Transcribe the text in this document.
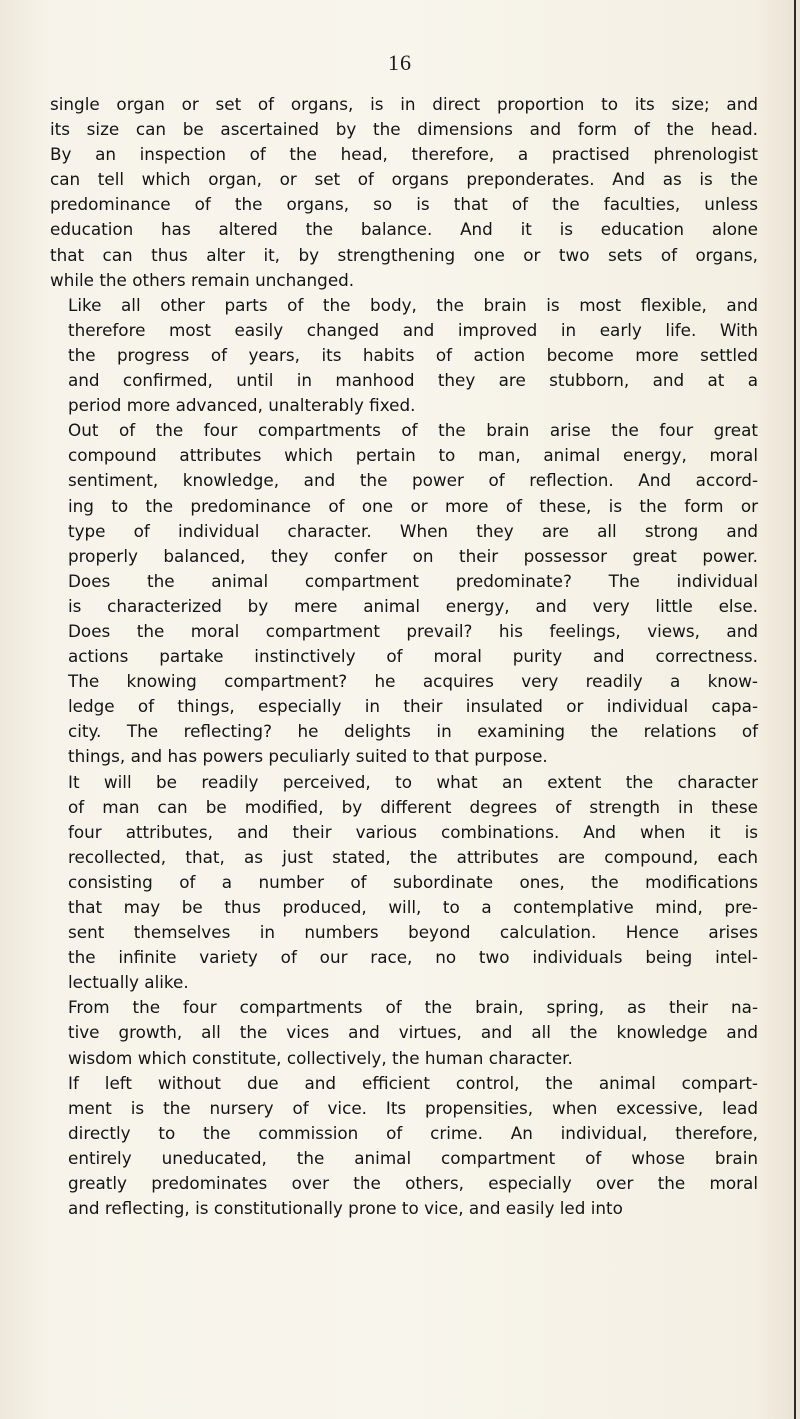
16
single organ or set of organs, is in direct proportion to its size; and
its size can be ascertained by the dimensions and form of the head.
By an inspection of the head, therefore, a practised phrenologist
can tell which organ, or set of organs preponderates. And as is the
predominance of the organs, so is that of the faculties, unless
education has altered the balance. And it is education alone
that can thus alter it, by strengthening one or two sets of organs,
while the others remain unchanged.
Like all other parts of the body, the brain is most flexible, and
therefore most easily changed and improved in early life. With
the progress of years, its habits of action become more settled
and confirmed, until in manhood they are stubborn, and at a
period more advanced, unalterably fixed.
Out of the four compartments of the brain arise the four great
compound attributes which pertain to man, animal energy, moral
sentiment, knowledge, and the power of reflection. And accord-
ing to the predominance of one or more of these, is the form or
type of individual character. When they are all strong and
properly balanced, they confer on their possessor great power.
Does the animal compartment predominate? The individual
is characterized by mere animal energy, and very little else.
Does the moral compartment prevail? his feelings, views, and
actions partake instinctively of moral purity and correctness.
The knowing compartment? he acquires very readily a know-
ledge of things, especially in their insulated or individual capa-
city. The reflecting? he delights in examining the relations of
things, and has powers peculiarly suited to that purpose.
It will be readily perceived, to what an extent the character
of man can be modified, by different degrees of strength in these
four attributes, and their various combinations. And when it is
recollected, that, as just stated, the attributes are compound, each
consisting of a number of subordinate ones, the modifications
that may be thus produced, will, to a contemplative mind, pre-
sent themselves in numbers beyond calculation. Hence arises
the infinite variety of our race, no two individuals being intel-
lectually alike.
From the four compartments of the brain, spring, as their na-
tive growth, all the vices and virtues, and all the knowledge and
wisdom which constitute, collectively, the human character.
If left without due and efficient control, the animal compart-
ment is the nursery of vice. Its propensities, when excessive, lead
directly to the commission of crime. An individual, therefore,
entirely uneducated, the animal compartment of whose brain
greatly predominates over the others, especially over the moral
and reflecting, is constitutionally prone to vice, and easily led into
